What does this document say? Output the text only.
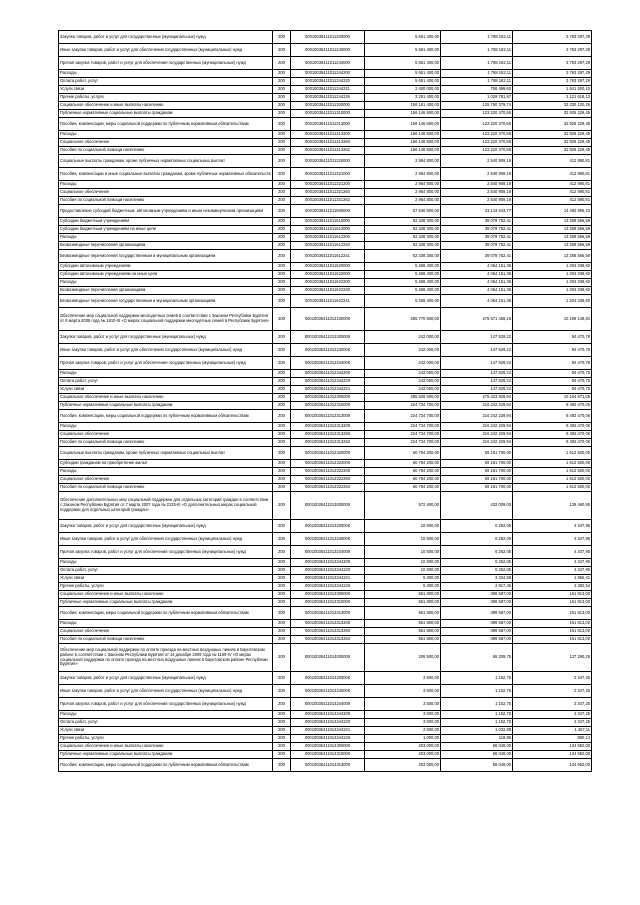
Закупка товаров, работ и услуг для государственных (муниципальных) нужд	200	00010035411011200000	5 651 400,00	1 788 182,11	3 763 297,29
Иные закупки товаров, работ и услуг для обеспечения государственных (муниципальных) нужд	200	00010035411011240000	5 651 400,00	1 788 182,11	3 763 297,29
Прочая закупка товаров, работ и услуг для обеспечения государственных (муниципальных) нужд	200	00010035411011244000	5 651 400,00	1 788 182,11	3 763 297,29
Расходы	200	00010035411011244200	5 651 400,00	1 788 182,11	3 763 297,29
Оплата работ, услуг	200	00010035411011244220	5 651 400,00	1 788 182,11	3 763 297,29
Услуги связи	200	00010035411011244221	2 400 000,00	758 499,60	1 641 500,10
Прочие работы, услуги	200	00010035411011244226	3 251 400,00	1 029 781,87	2 121 618,13
Социальное обеспечение и иные выплаты населению	200	00010035411011300000	158 151 400,00	125 760 379,74	33 330 120,26
Публичные нормативные социальные выплаты гражданам	200	00010035411011310000	156 146 600,00	123 220 370,55	32 926 229,45
Пособия, компенсации, меры социальной поддержки по публичным нормативным обязательствам	200	00010035411011313000	156 146 600,00	123 220 370,55	32 926 229,45
Расходы	200	00010035411011313200	156 146 600,00	123 220 370,55	32 926 229,45
Социальное обеспечение	200	00010035411011313260	156 146 600,00	123 220 370,55	32 926 229,45
Пособия по социальной помощи населению	200	00010035411011313262	156 146 600,00	123 220 370,55	32 926 229,45
Социальные выплаты гражданам, кроме публичных нормативных социальных выплат	200	00010035411011320000	2 954 800,00	2 540 909,19	412 890,81
Пособия, компенсации и иные социальные выплаты гражданам, кроме публичных нормативных обязательств	200	00010035411011321000	2 954 800,00	2 540 909,19	412 890,81
Расходы	200	00010035411011321200	2 954 800,00	2 540 909,19	412 890,81
Социальное обеспечение	200	00010035411011321260	2 954 800,00	2 540 909,19	412 890,81
Пособия по социальной помощи населению	200	00010035411011321262	2 954 800,00	2 540 909,19	412 890,81
Предоставление субсидий бюджетным, автономным учреждениям и иным некоммерческим организациям	200	00010035411011600000	57 636 600,00	43 143 643,77	14 492 956,23
Субсидии бюджетным учреждениям	200	00010035411011610000	52 338 300,00	39 079 752,41	13 258 566,59
Субсидии бюджетным учреждениям на иные цели	200	00010035411011612000	52 338 300,00	39 079 752,41	13 258 566,59
Расходы	200	00010035411011612200	52 338 300,00	39 079 752,41	13 258 566,59
Безвозмездные перечисления организациям	200	00010035411011612240	52 338 300,00	39 079 752,41	13 258 566,59
Безвозмездные перечисления государственным и муниципальным организациям	200	00010035411011612241	52 338 300,00	39 079 752,41	13 258 566,59
Субсидии автономным учреждениям	200	00010035411011620000	5 268 400,00	4 064 151,36	1 204 338,60
Субсидии автономным учреждениям на иные цели	200	00010035411011622000	5 268 400,00	4 064 151,36	1 204 338,60
Расходы	200	00010035411011622200	5 268 400,00	4 064 151,36	1 204 338,60
Безвозмездные перечисления организациям	200	00010035411011622240	5 268 400,00	4 064 151,36	1 204 338,60
Безвозмездные перечисления государственным и муниципальным организациям	200	00010035411011622241	5 268 400,00	4 064 151,36	1 204 338,60
Обеспечение мер социальной поддержки многодетных семей в соответствии с Законом Республики Бурятия от 8 марта 2008 года № 1610-III «О мерах социальной поддержки многодетных семей в Республике Бурятия»	200	00010035411012100000	285 770 600,00	275 571 458,16	10 199 148,84
Закупка товаров, работ и услуг для государственных (муниципальных) нужд	200	00010035411012200000	242 000,00	147 529,22	94 470,78
Иные закупки товаров, работ и услуг для обеспечения государственных (муниципальных) нужд	200	00010035411012240000	242 000,00	147 529,22	94 470,78
Прочая закупка товаров, работ и услуг для обеспечения государственных (муниципальных) нужд	200	00010035411012244000	242 000,00	147 529,22	94 470,78
Расходы	200	00010035411012244200	242 000,00	147 529,22	94 470,78
Оплата работ, услуг	200	00010035411012244220	242 000,00	147 529,22	94 470,78
Услуги связи	200	00010035411012244221	242 000,00	147 529,22	94 470,78
Социальное обеспечение и иные выплаты населению	200	00010035411012300000	285 528 600,00	275 423 928,94	10 104 671,06
Публичные нормативные социальные выплаты гражданам	200	00010035411012310000	224 734 700,00	216 242 229,94	8 492 470,06
Пособия, компенсации, меры социальной поддержки по публичным нормативным обязательствам	200	00010035411012313000	224 734 700,00	216 242 229,94	8 492 470,06
Расходы	200	00010035411012313200	224 734 700,00	216 242 229,94	8 492 470,06
Социальное обеспечение	200	00010035411012313260	224 734 700,00	216 242 229,94	8 492 470,06
Пособия по социальной помощи населению	200	00010035411012313262	224 734 700,00	216 242 229,94	8 492 470,06
Социальные выплаты гражданам, кроме публичных нормативных социальных выплат	200	00010035411012320000	60 794 200,00	59 181 700,00	1 612 500,00
Субсидии гражданам на приобретение жилья	200	00010035411012322000	60 794 200,00	59 181 700,00	1 612 500,00
Расходы	200	00010035411012322200	60 794 200,00	59 181 700,00	1 612 500,00
Социальное обеспечение	200	00010035411012322260	60 794 200,00	59 181 700,00	1 612 500,00
Пособия по социальной помощи населению	200	00010035411012322262	60 794 200,00	59 181 700,00	1 612 500,00
Обеспечение дополнительных мер социальной поддержки для отдельных категорий граждан в соответствии с Законом Республики Бурятия от 7 марта 2007 года № 2125-III «О дополнительных мерах социальной поддержки для отдельных категорий граждан»	200	00010035411013000000	572 400,00	433 009,05	139 460,95
Закупка товаров, работ и услуг для государственных (муниципальных) нужд	200	00010035411013200000	10 600,00	6 252,05	4 347,95
Иные закупки товаров, работ и услуг для обеспечения государственных (муниципальных) нужд	200	00010035411013240000	10 600,00	6 252,05	4 347,95
Прочая закупка товаров, работ и услуг для обеспечения государственных (муниципальных) нужд	200	00010035411013244000	10 600,00	6 252,05	4 347,95
Расходы	200	00010035411013244200	10 600,00	6 252,05	4 347,95
Оплата работ, услуг	200	00010035411013244220	10 600,00	6 252,05	4 347,95
Услуги связи	200	00010035411013244221	5 300,00	3 334,59	1 965,41
Прочие работы, услуги	200	00010035411013244226	5 300,00	2 917,46	2 382,54
Социальное обеспечение и иные выплаты населению	200	00010035411013300000	561 800,00	399 587,00	161 813,00
Публичные нормативные социальные выплаты гражданам	200	00010035411013310000	561 800,00	399 587,00	161 813,00
Пособия, компенсации, меры социальной поддержки по публичным нормативным обязательствам	200	00010035411013313000	561 800,00	399 587,00	161 813,00
Расходы	200	00010035411013313200	561 800,00	399 587,00	161 813,00
Социальное обеспечение	200	00010035411013313260	561 800,00	399 587,00	161 813,00
Пособия по социальной помощи населению	200	00010035411013313262	561 800,00	399 587,00	161 813,00
Обеспечение мер социальной поддержки по оплате проезда на местных воздушных линиях в Баунтовском районе в соответствии с Законом Республики Бурятия от 14 декабря 2009 года № 1169-IV «О мерах социальной поддержки по оплате проезда на местных воздушных линиях в Баунтовском районе Республики Бурятия»	200	00010035411014000000	206 500,00	69 209,75	137 290,25
Закупка товаров, работ и услуг для государственных (муниципальных) нужд	200	00010035411014200000	3 500,00	1 152,75	2 347,25
Иные закупки товаров, работ и услуг для обеспечения государственных (муниципальных) нужд	200	00010035411014240000	3 500,00	1 152,75	2 347,25
Прочая закупка товаров, работ и услуг для обеспечения государственных (муниципальных) нужд	200	00010035411014244000	3 500,00	1 152,75	2 347,25
Расходы	200	00010035411014244200	3 500,00	1 152,75	2 347,25
Оплата работ, услуг	200	00010035411014244220	3 500,00	1 152,75	2 347,25
Услуги связи	200	00010035411014244221	2 500,00	1 032,89	1 467,11
Прочие работы, услуги	200	00010035411014244226	1 000,00	119,86	880,14
Социальное обеспечение и иные выплаты населению	200	00010035411014300000	203 000,00	68 048,00	134 952,00
Публичные нормативные социальные выплаты гражданам	200	00010035411014310000	203 000,00	68 048,00	134 952,00
Пособия, компенсации, меры социальной поддержки по публичным нормативным обязательствам	200	00010035411014313000	203 000,00	68 048,00	134 952,00
